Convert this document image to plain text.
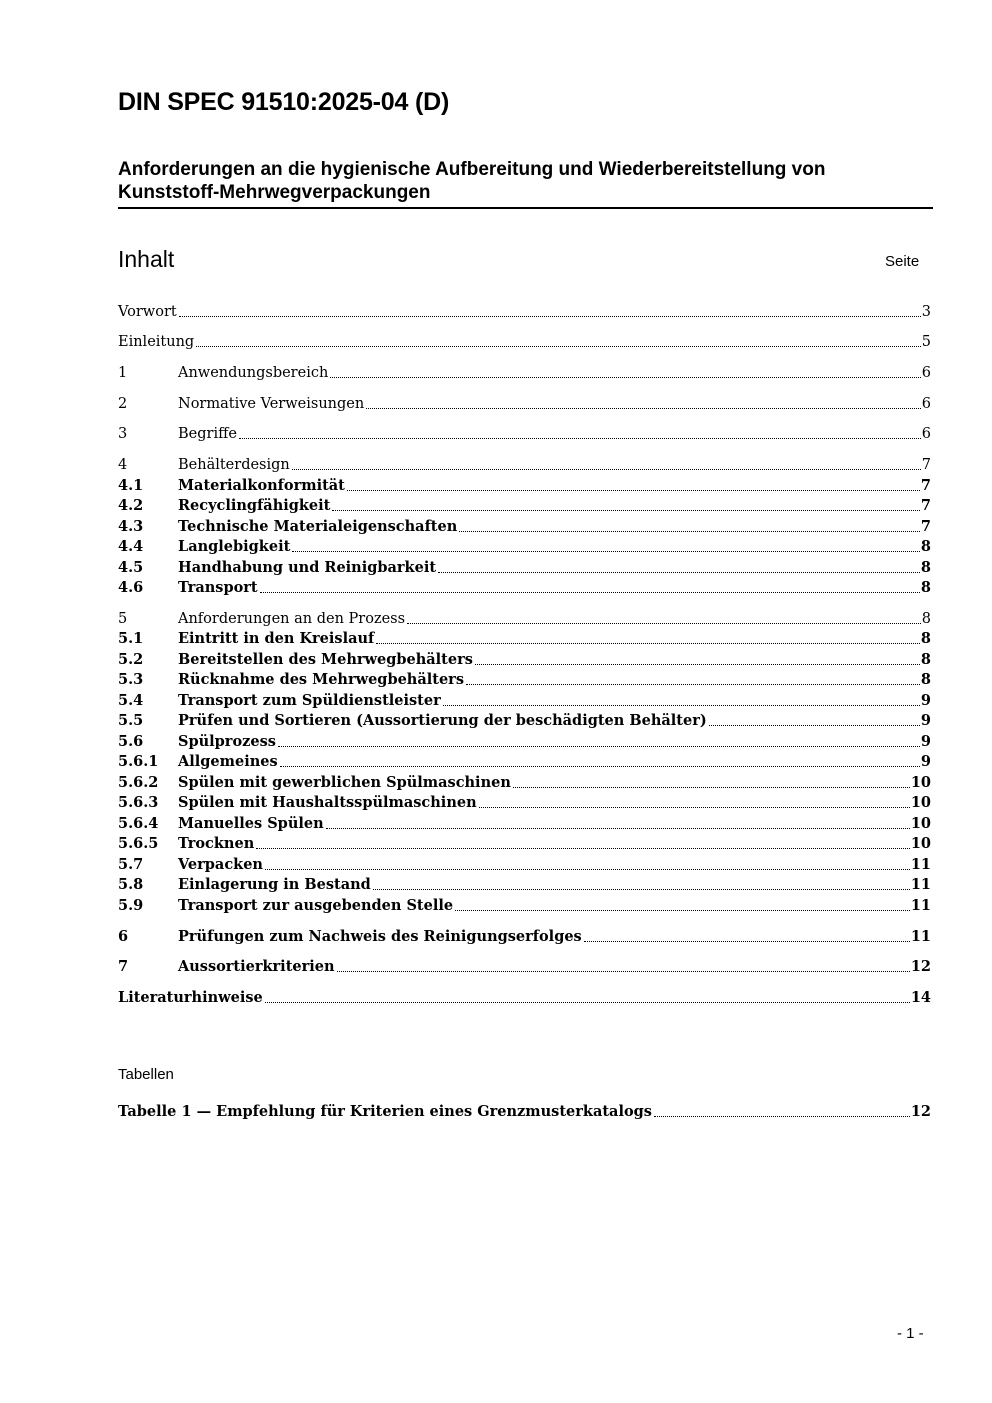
DIN SPEC 91510:2025-04 (D)
Anforderungen an die hygienische Aufbereitung und Wiederbereitstellung von
Kunststoff-Mehrwegverpackungen
Inhalt	Seite
Vorwort	3
Einleitung	5
1	Anwendungsbereich	6
2	Normative Verweisungen	6
3	Begriffe	6
4	Behälterdesign	7
4.1	Materialkonformität	7
4.2	Recyclingfähigkeit	7
4.3	Technische Materialeigenschaften	7
4.4	Langlebigkeit	8
4.5	Handhabung und Reinigbarkeit	8
4.6	Transport	8
5	Anforderungen an den Prozess	8
5.1	Eintritt in den Kreislauf	8
5.2	Bereitstellen des Mehrwegbehälters	8
5.3	Rücknahme des Mehrwegbehälters	8
5.4	Transport zum Spüldienstleister	9
5.5	Prüfen und Sortieren (Aussortierung der beschädigten Behälter)	9
5.6	Spülprozess	9
5.6.1	Allgemeines	9
5.6.2	Spülen mit gewerblichen Spülmaschinen	10
5.6.3	Spülen mit Haushaltsspülmaschinen	10
5.6.4	Manuelles Spülen	10
5.6.5	Trocknen	10
5.7	Verpacken	11
5.8	Einlagerung in Bestand	11
5.9	Transport zur ausgebenden Stelle	11
6	Prüfungen zum Nachweis des Reinigungserfolges	11
7	Aussortierkriterien	12
Literaturhinweise	14
Tabellen
Tabelle 1 — Empfehlung für Kriterien eines Grenzmusterkatalogs	12
- 1 -
